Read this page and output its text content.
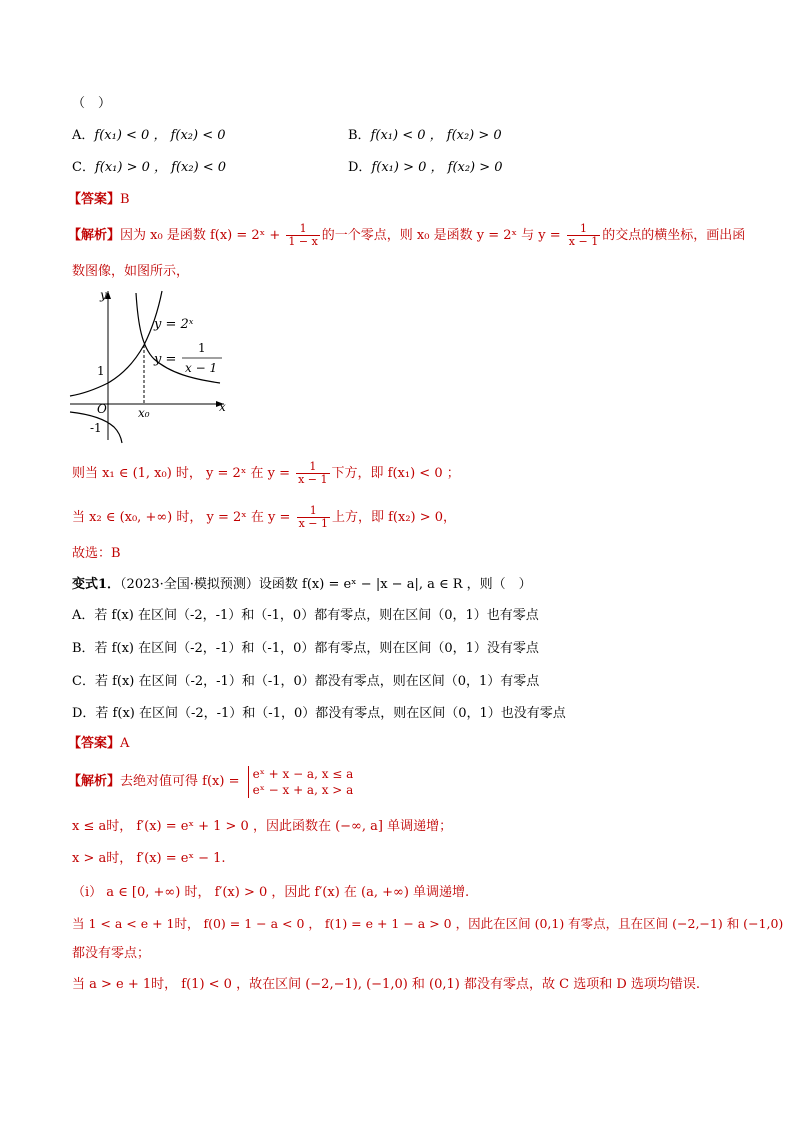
（　）
A．f(x₁) < 0 ， f(x₂) < 0	B．f(x₁) < 0 ， f(x₂) > 0
C．f(x₁) > 0 ， f(x₂) < 0	D．f(x₁) > 0 ， f(x₂) > 0
【答案】B
【解析】因为 x₀ 是函数 f(x) = 2ˣ + $\frac{1}{1 - x}$ 的一个零点，则 x₀ 是函数 y = 2ˣ 与 $y = \frac{1}{x - 1}$ 的交点的横坐标，画出函
数图像，如图所示，
y
x
O
1
-1
x₀
y = 2ˣ
y =
1
x − 1
则当 x₁ ∈ (1, x₀) 时， y = 2ˣ 在 $y = \frac{1}{x - 1}$ 下方，即 f(x₁) < 0 ；
当 x₂ ∈ (x₀, +∞) 时， y = 2ˣ 在 $y = \frac{1}{x - 1}$ 上方，即 f(x₂) > 0，
故选：B
变式1．（2023·全国·模拟预测）设函数 f(x) = eˣ − |x − a|, a ∈ R ，则（　）
A．若 f(x) 在区间（-2，-1）和（-1，0）都有零点，则在区间（0，1）也有零点
B．若 f(x) 在区间（-2，-1）和（-1，0）都有零点，则在区间（0，1）没有零点
C．若 f(x) 在区间（-2，-1）和（-1，0）都没有零点，则在区间（0，1）有零点
D．若 f(x) 在区间（-2，-1）和（-1，0）都没有零点，则在区间（0，1）也没有零点
【答案】A
【解析】去绝对值可得 f(x) = eˣ + x − a, x ≤ a
eˣ − x + a, x > a
x ≤ a时， f′(x) = eˣ + 1 > 0 ，因此函数在 (−∞, a] 单调递增；
x > a时， f′(x) = eˣ − 1.
（i） a ∈ [0, +∞) 时， f′(x) > 0 ，因此 f′(x) 在 (a, +∞) 单调递增.
当 1 < a < e + 1时， f(0) = 1 − a < 0 ， f(1) = e + 1 − a > 0 ，因此在区间 (0,1) 有零点，且在区间 (−2,−1) 和 (−1,0)
都没有零点；
当 a > e + 1时， f(1) < 0 ，故在区间 (−2,−1), (−1,0) 和 (0,1) 都没有零点，故 C 选项和 D 选项均错误.
